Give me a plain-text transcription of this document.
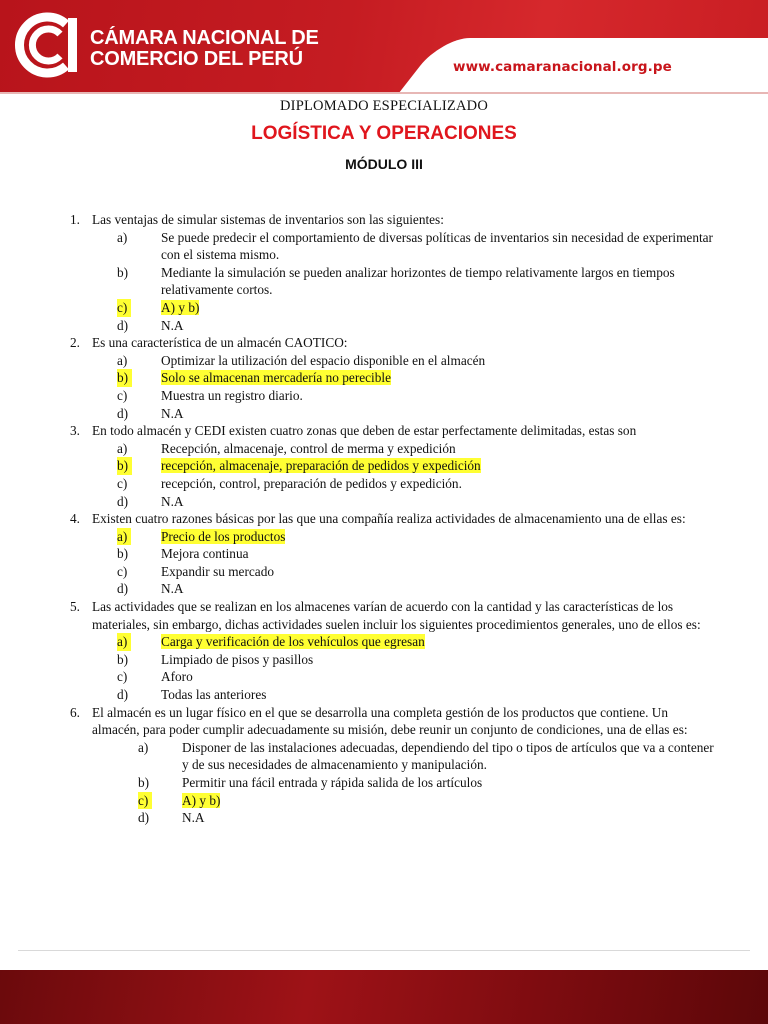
CÁMARA NACIONAL DE
COMERCIO DEL PERÚ	www.camaranacional.org.pe
DIPLOMADO ESPECIALIZADO
LOGÍSTICA Y OPERACIONES
MÓDULO III
1. Las ventajas de simular sistemas de inventarios son las siguientes:
a)	Se puede predecir el comportamiento de diversas políticas de inventarios sin necesidad de experimentar con el sistema mismo.
b) Mediante la simulación se pueden analizar horizontes de tiempo relativamente largos en tiempos relativamente cortos.
c)	A) y b)
d) N.A
2. Es una característica de un almacén CAOTICO:
a)	Optimizar la utilización del espacio disponible en el almacén
b)	Solo se almacenan mercadería no perecible
c)	Muestra un registro diario.
d) N.A
3. En todo almacén y CEDI existen cuatro zonas que deben de estar perfectamente delimitadas, estas son
a)	Recepción, almacenaje, control de merma y expedición
b)	recepción, almacenaje, preparación de pedidos y expedición
c)	recepción, control, preparación de pedidos y expedición.
d) N.A
4. Existen cuatro razones básicas por las que una compañía realiza actividades de almacenamiento una de ellas es:
a)	Precio de los productos
b) Mejora continua
c)	Expandir su mercado
d) N.A
5. Las actividades que se realizan en los almacenes varían de acuerdo con la cantidad y las características de los materiales, sin embargo, dichas actividades suelen incluir los siguientes procedimientos generales, uno de ellos es:
a)	Carga y verificación de los vehículos que egresan
b) Limpiado de pisos y pasillos
c)	Aforo
d) Todas las anteriores
6. El almacén es un lugar físico en el que se desarrolla una completa gestión de los productos que contiene. Un almacén, para poder cumplir adecuadamente su misión, debe reunir un conjunto de condiciones, una de ellas es:
a)	Disponer de las instalaciones adecuadas, dependiendo del tipo o tipos de artículos que va a contener y de sus necesidades de almacenamiento y manipulación.
b) Permitir una fácil entrada y rápida salida de los artículos
c)	A) y b)
d) N.A
